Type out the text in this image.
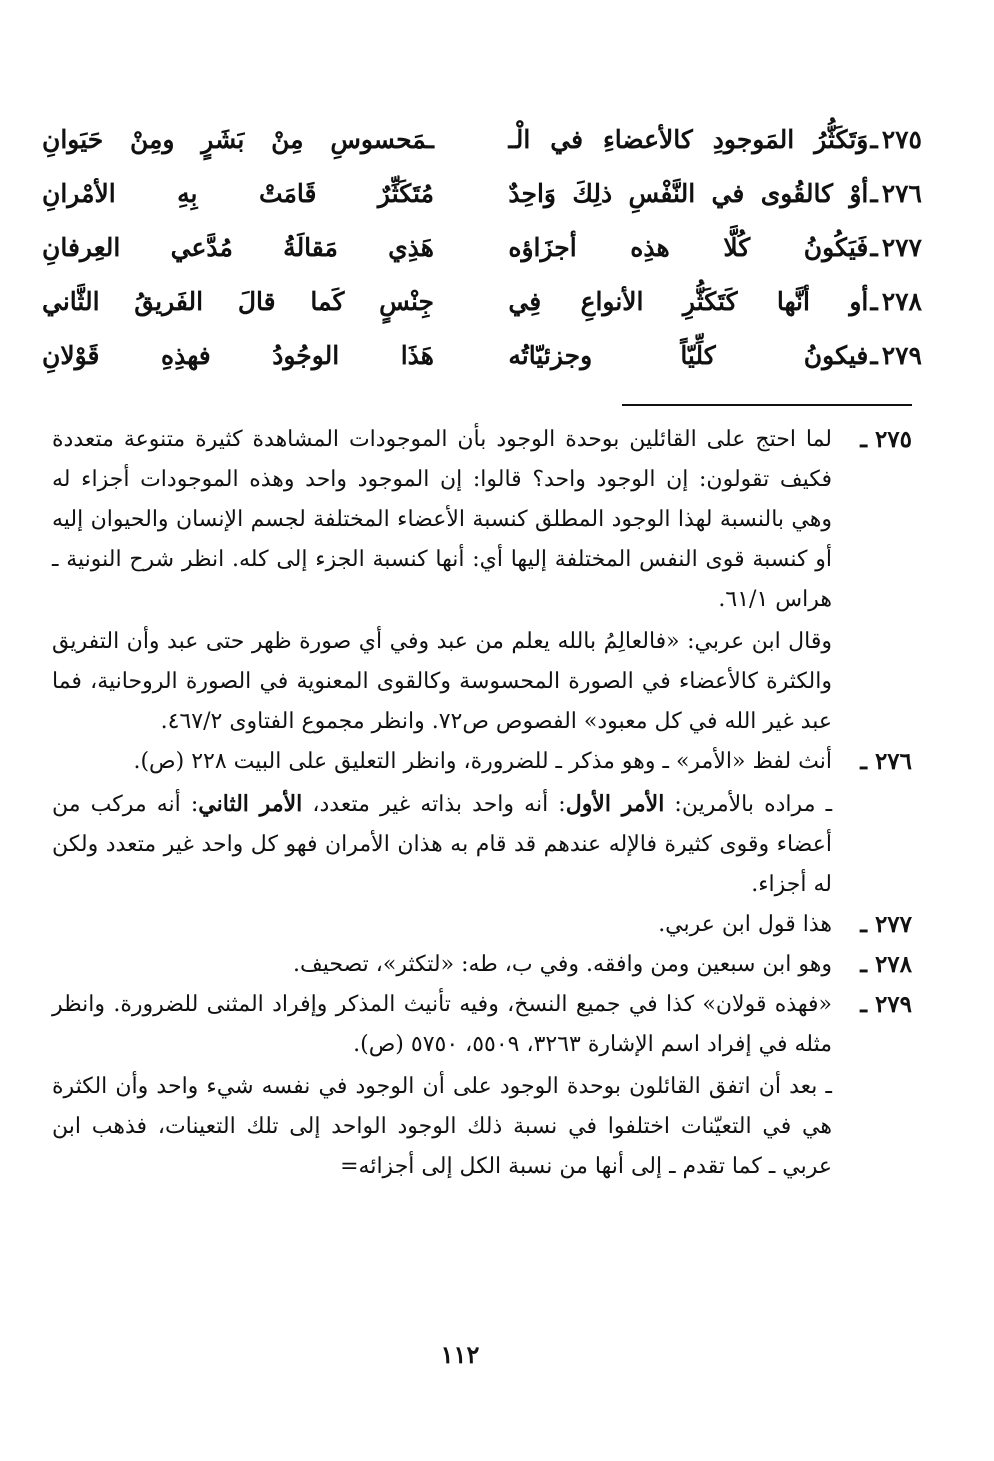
٢٧٥
ـ
وَتَكَثُّرُ المَوجودِ كالأعضاءِ في الْـ
ـمَحسوسِ مِنْ بَشَرٍ ومِنْ حَيَوانِ
٢٧٦
ـ
أوْ كالقُوى في النَّفْسِ ذلِكَ وَاحِدٌ
مُتَكَثِّرٌ قَامَتْ بِهِ الأمْرانِ
٢٧٧
ـ
فَيَكُونُ كُلَّا هذِه أجزَاؤه
هَذِي مَقالَةُ مُدَّعي العِرفانِ
٢٧٨
ـ
أو أنَّها كَتَكَثُّرِ الأنواعِ فِي
جِنْسٍ كَما قالَ الفَريقُ الثَّاني
٢٧٩
ـ
فيكونُ كلِّيّاً وجزئيّاتُه
هَذَا الوجُودُ فهذِهِ قَوْلانِ
٢٧٥ ـ
لما احتج على القائلين بوحدة الوجود بأن الموجودات المشاهدة كثيرة متنوعة متعددة فكيف تقولون: إن الوجود واحد؟ قالوا: إن الموجود واحد وهذه الموجودات أجزاء له وهي بالنسبة لهذا الوجود المطلق كنسبة الأعضاء المختلفة لجسم الإنسان والحيوان إليه أو كنسبة قوى النفس المختلفة إليها أي: أنها كنسبة الجزء إلى كله. انظر شرح النونية ـ هراس ٦١/١.
وقال ابن عربي: «فالعالِمُ بالله يعلم من عبد وفي أي صورة ظهر حتى عبد وأن التفريق والكثرة كالأعضاء في الصورة المحسوسة وكالقوى المعنوية في الصورة الروحانية، فما عبد غير الله في كل معبود» الفصوص ص٧٢. وانظر مجموع الفتاوى ٤٦٧/٢.
٢٧٦ ـ
أنث لفظ «الأمر» ـ وهو مذكر ـ للضرورة، وانظر التعليق على البيت ٢٢٨ (ص).
ـ مراده بالأمرين: الأمر الأول: أنه واحد بذاته غير متعدد، الأمر الثاني: أنه مركب من أعضاء وقوى كثيرة فالإله عندهم قد قام به هذان الأمران فهو كل واحد غير متعدد ولكن له أجزاء.
٢٧٧ ـ
هذا قول ابن عربي.
٢٧٨ ـ
وهو ابن سبعين ومن وافقه. وفي ب، طه: «لتكثر»، تصحيف.
٢٧٩ ـ
«فهذه قولان» كذا في جميع النسخ، وفيه تأنيث المذكر وإفراد المثنى للضرورة. وانظر مثله في إفراد اسم الإشارة ٣٢٦٣، ٥٥٠٩، ٥٧٥٠ (ص).
ـ بعد أن اتفق القائلون بوحدة الوجود على أن الوجود في نفسه شيء واحد وأن الكثرة هي في التعيّنات اختلفوا في نسبة ذلك الوجود الواحد إلى تلك التعينات، فذهب ابن عربي ـ كما تقدم ـ إلى أنها من نسبة الكل إلى أجزائه=
١١٢
